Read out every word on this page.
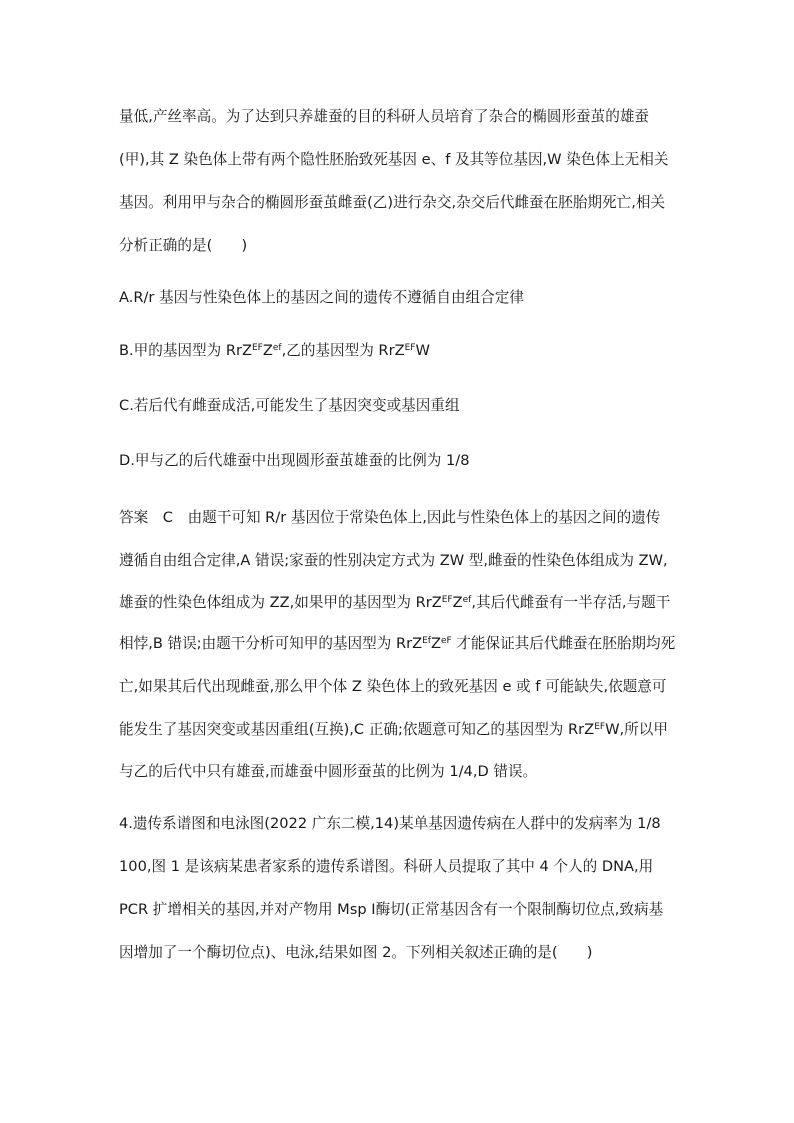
量低,产丝率高。为了达到只养雄蚕的目的科研人员培育了杂合的椭圆形蚕茧的雄蚕
(甲),其 Z 染色体上带有两个隐性胚胎致死基因 e、f 及其等位基因,W 染色体上无相关
基因。利用甲与杂合的椭圆形蚕茧雌蚕(乙)进行杂交,杂交后代雌蚕在胚胎期死亡,相关
分析正确的是(　　)
A.R/r 基因与性染色体上的基因之间的遗传不遵循自由组合定律
B.甲的基因型为 $RrZ^{EF}Z^{ef}$,乙的基因型为 RrZ$^{EF}$W
C.若后代有雌蚕成活,可能发生了基因突变或基因重组
D.甲与乙的后代雄蚕中出现圆形蚕茧雄蚕的比例为 1/8
答案　C　由题干可知 R/r 基因位于常染色体上,因此与性染色体上的基因之间的遗传
遵循自由组合定律,A 错误;家蚕的性别决定方式为 ZW 型,雌蚕的性染色体组成为 ZW,
雄蚕的性染色体组成为 ZZ,如果甲的基因型为 $RrZ^{EF}Z^{ef}$,其后代雌蚕有一半存活,与题干
相悖,B 错误;由题干分析可知甲的基因型为 $RrZ^{Ef}Z^{eF}$ 才能保证其后代雌蚕在胚胎期均死
亡,如果其后代出现雌蚕,那么甲个体 Z 染色体上的致死基因 e 或 f 可能缺失,依题意可
能发生了基因突变或基因重组(互换),C 正确;依题意可知乙的基因型为 RrZ$^{EF}$W,所以甲
与乙的后代中只有雄蚕,而雄蚕中圆形蚕茧的比例为 1/4,D 错误。
4.遗传系谱图和电泳图(2022 广东二模,14)某单基因遗传病在人群中的发病率为 1/8
100,图 1 是该病某患者家系的遗传系谱图。科研人员提取了其中 4 个人的 DNA,用
PCR 扩增相关的基因,并对产物用 Msp Ⅰ酶切(正常基因含有一个限制酶切位点,致病基
因增加了一个酶切位点)、电泳,结果如图 2。下列相关叙述正确的是(　　)
